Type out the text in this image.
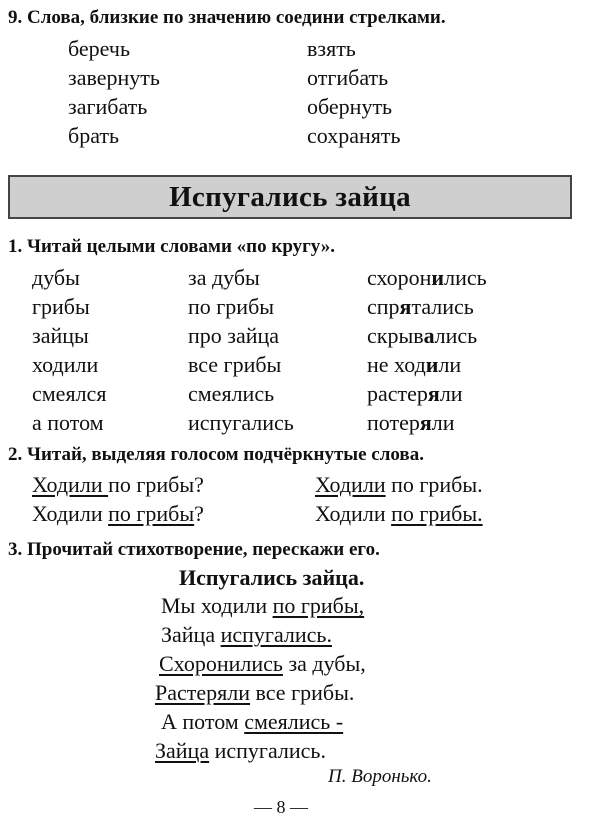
9. Слова, близкие по значению соедини стрелками.
беречь
завернуть
загибать
брать
взять
отгибать
обернуть
сохранять
Испугались зайца
1. Читай целыми словами «по кругу».
дубы
грибы
зайцы
ходили
смеялся
а потом
за дубы
по грибы
про зайца
все грибы
смеялись
испугались
схоронились
спрятались
скрывались
не ходили
растеряли
потеряли
2. Читай, выделяя голосом подчёркнутые слова.
Ходили по грибы?	Ходили по грибы.
Ходили по грибы?	Ходили по грибы.
3. Прочитай стихотворение, перескажи его.
Испугались зайца.
Мы ходили по грибы,
Зайца испугались.
Схоронились за дубы,
Растеряли все грибы.
А потом смеялись -
Зайца испугались.
П. Воронько.
— 8 —
